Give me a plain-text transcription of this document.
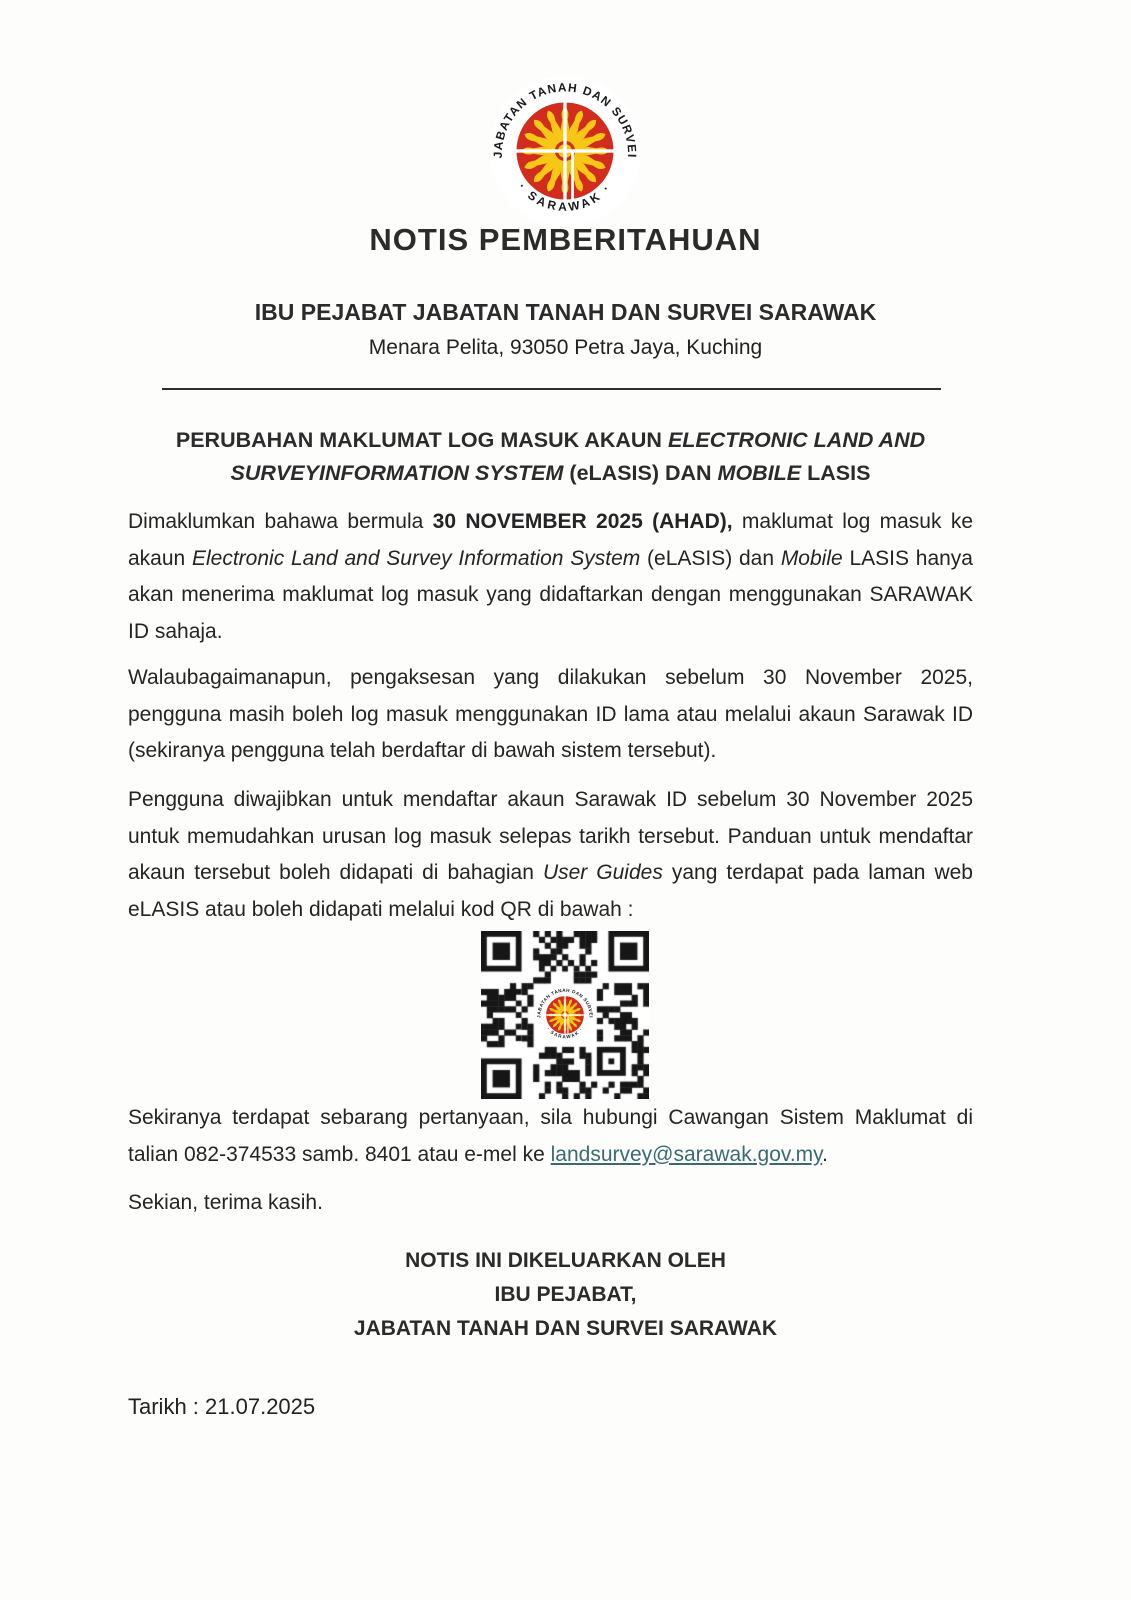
NOTIS PEMBERITAHUAN
IBU PEJABAT JABATAN TANAH DAN SURVEI SARAWAK
Menara Pelita, 93050 Petra Jaya, Kuching
PERUBAHAN MAKLUMAT LOG MASUK AKAUN ELECTRONIC LAND AND SURVEYINFORMATION SYSTEM (eLASIS) DAN MOBILE LASIS

Dimaklumkan bahawa bermula 30 NOVEMBER 2025 (AHAD), maklumat log masuk ke akaun Electronic Land and Survey Information System (eLASIS) dan Mobile LASIS hanya akan menerima maklumat log masuk yang didaftarkan dengan menggunakan SARAWAK ID sahaja.

Walaubagaimanapun, pengaksesan yang dilakukan sebelum 30 November 2025, pengguna masih boleh log masuk menggunakan ID lama atau melalui akaun Sarawak ID (sekiranya pengguna telah berdaftar di bawah sistem tersebut).

Pengguna diwajibkan untuk mendaftar akaun Sarawak ID sebelum 30 November 2025 untuk memudahkan urusan log masuk selepas tarikh tersebut. Panduan untuk mendaftar akaun tersebut boleh didapati di bahagian User Guides yang terdapat pada laman web eLASIS atau boleh didapati melalui kod QR di bawah :

Sekiranya terdapat sebarang pertanyaan, sila hubungi Cawangan Sistem Maklumat di talian 082-374533 samb. 8401 atau e-mel ke landsurvey@sarawak.gov.my.

Sekian, terima kasih.

NOTIS INI DIKELUARKAN OLEH
IBU PEJABAT,
JABATAN TANAH DAN SURVEI SARAWAK
Tarikh : 21.07.2025
